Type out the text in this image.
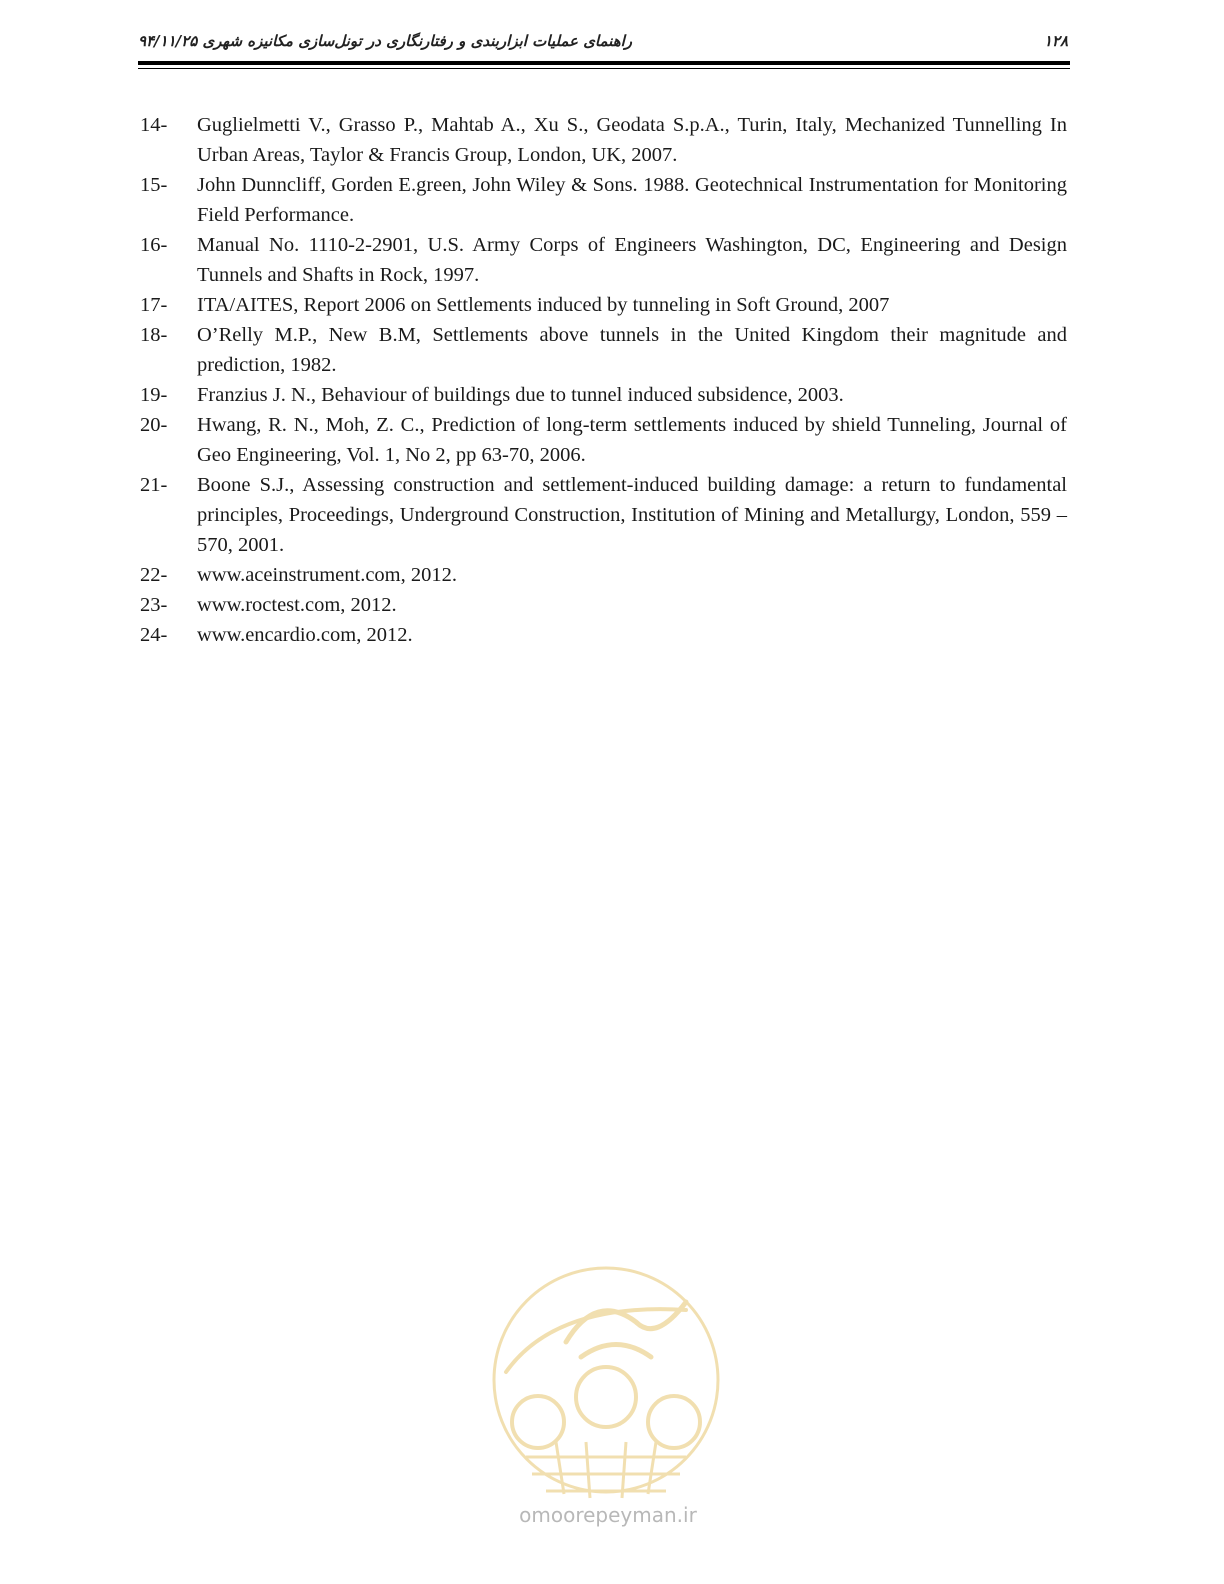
راهنمای عملیات ابزاربندی و رفتارنگاری در تونل‌سازی مکانیزه شهری ۹۴/۱۱/۲۵	۱۲۸
14-	Guglielmetti V., Grasso P., Mahtab A., Xu S., Geodata S.p.A., Turin, Italy, Mechanized Tunnelling In Urban Areas, Taylor & Francis Group, London, UK, 2007.
15-	John Dunncliff, Gorden E.green, John Wiley & Sons. 1988. Geotechnical Instrumentation for Monitoring Field Performance.
16-	Manual No. 1110-2-2901, U.S. Army Corps of Engineers Washington, DC, Engineering and Design Tunnels and Shafts in Rock, 1997.
17-	ITA/AITES, Report 2006 on Settlements induced by tunneling in Soft Ground, 2007
18-	O’Relly M.P., New B.M, Settlements above tunnels in the United Kingdom their magnitude and prediction, 1982.
19-	Franzius J. N., Behaviour of buildings due to tunnel induced subsidence, 2003.
20-	Hwang, R. N., Moh, Z. C., Prediction of long-term settlements induced by shield Tunneling, Journal of Geo Engineering, Vol. 1, No 2, pp 63-70, 2006.
21-	Boone S.J., Assessing construction and settlement-induced building damage: a return to fundamental principles, Proceedings, Underground Construction, Institution of Mining and Metallurgy, London, 559 – 570, 2001.
22-	www.aceinstrument.com, 2012.
23-	www.roctest.com, 2012.
24-	www.encardio.com, 2012.
omoorepeyman.ir
